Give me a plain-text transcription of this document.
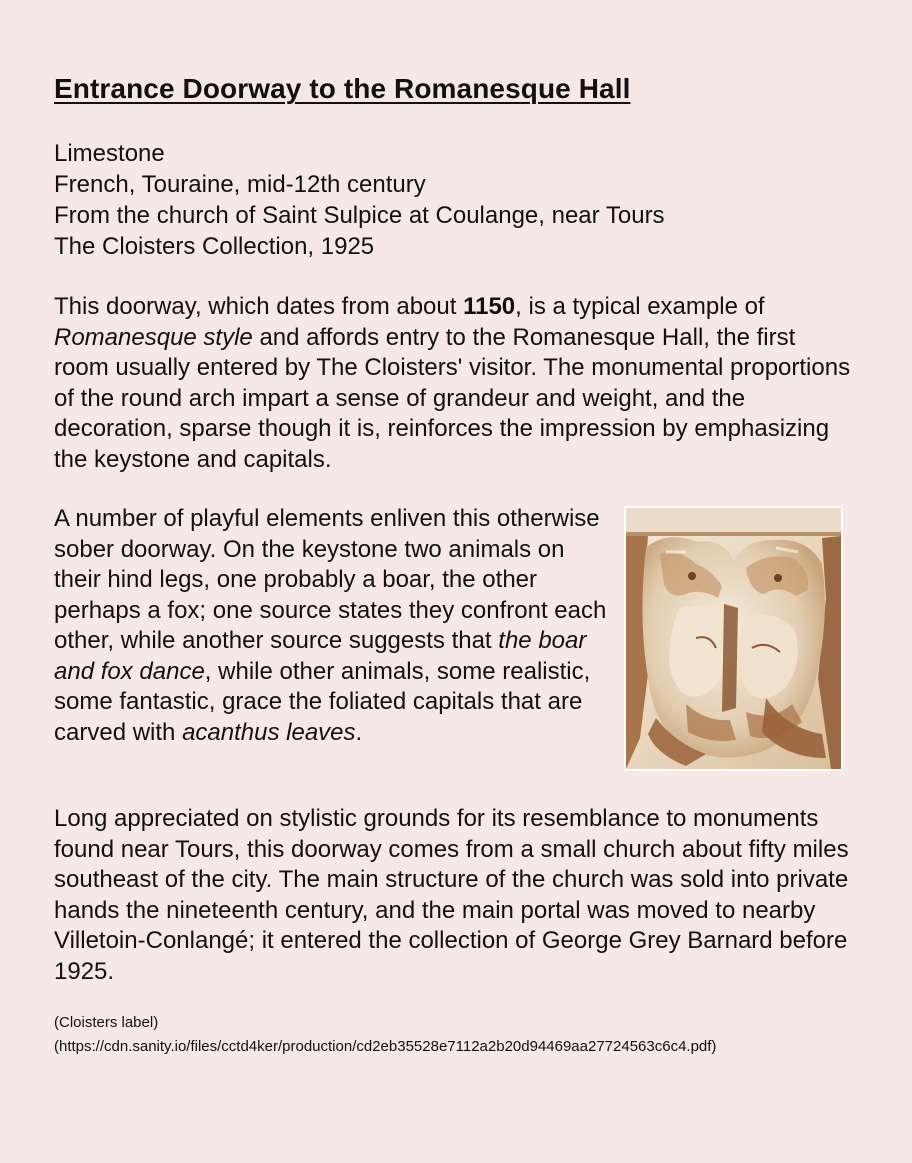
Entrance Doorway to the Romanesque Hall
Limestone
French, Touraine, mid-12th century
From the church of Saint Sulpice at Coulange, near Tours
The Cloisters Collection, 1925

This doorway, which dates from about 1150, is a typical example of Romanesque style and affords entry to the Romanesque Hall, the first room usually entered by The Cloisters' visitor. The monumental proportions of the round arch impart a sense of grandeur and weight, and the decoration, sparse though it is, reinforces the impression by emphasizing the keystone and capitals.

A number of playful elements enliven this otherwise sober doorway. On the keystone two animals on their hind legs, one probably a boar, the other perhaps a fox; one source states they confront each other, while another source suggests that the boar and fox dance, while other animals, some realistic, some fantastic, grace the foliated capitals that are carved with acanthus leaves.

Long appreciated on stylistic grounds for its resemblance to monuments found near Tours, this doorway comes from a small church about fifty miles southeast of the city. The main structure of the church was sold into private hands the nineteenth century, and the main portal was moved to nearby Villetoin-Conlangé; it entered the collection of George Grey Barnard before 1925.

(Cloisters label)
(https://cdn.sanity.io/files/cctd4ker/production/cd2eb35528e7112a2b20d94469aa27724563c6c4.pdf)
